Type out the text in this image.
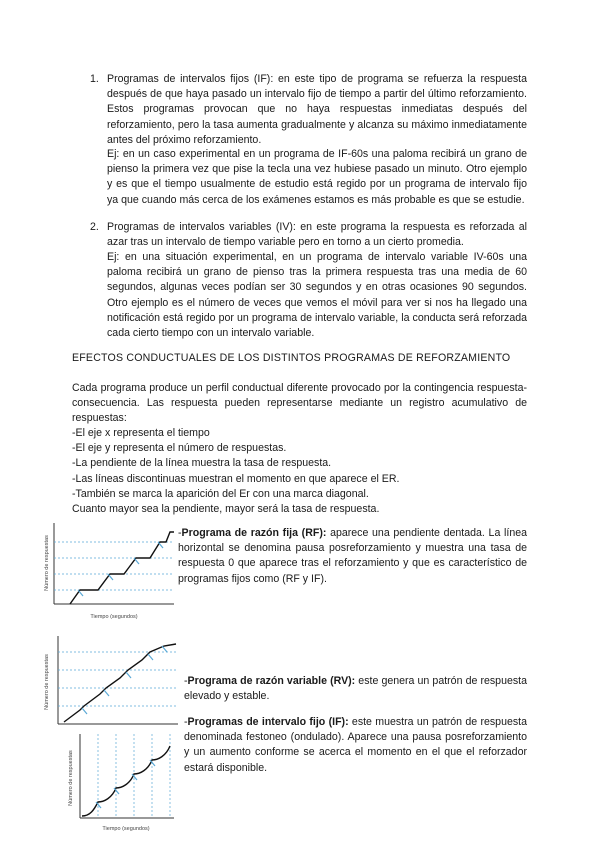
1. Programas de intervalos fijos (IF): en este tipo de programa se refuerza la respuesta después de que haya pasado un intervalo fijo de tiempo a partir del último reforzamiento. Estos programas provocan que no haya respuestas inmediatas después del reforzamiento, pero la tasa aumenta gradualmente y alcanza su máximo inmediatamente antes del próximo reforzamiento.
Ej: en un caso experimental en un programa de IF-60s una paloma recibirá un grano de pienso la primera vez que pise la tecla una vez hubiese pasado un minuto. Otro ejemplo y es que el tiempo usualmente de estudio está regido por un programa de intervalo fijo ya que cuando más cerca de los exámenes estamos es más probable es que se estudie.
2. Programas de intervalos variables (IV): en este programa la respuesta es reforzada al azar tras un intervalo de tiempo variable pero en torno a un cierto promedia.
Ej: en una situación experimental, en un programa de intervalo variable IV-60s una paloma recibirá un grano de pienso tras la primera respuesta tras una media de 60 segundos, algunas veces podían ser 30 segundos y en otras ocasiones 90 segundos. Otro ejemplo es el número de veces que vemos el móvil para ver si nos ha llegado una notificación está regido por un programa de intervalo variable, la conducta será reforzada cada cierto tiempo con un intervalo variable.
EFECTOS CONDUCTUALES DE LOS DISTINTOS PROGRAMAS DE REFORZAMIENTO
Cada programa produce un perfil conductual diferente provocado por la contingencia respuesta-consecuencia. Las respuesta pueden representarse mediante un registro acumulativo de respuestas:
-El eje x representa el tiempo
-El eje y representa el número de respuestas.
-La pendiente de la línea muestra la tasa de respuesta.
-Las líneas discontinuas muestran el momento en que aparece el ER.
-También se marca la aparición del Er con una marca diagonal.
Cuanto mayor sea la pendiente, mayor será la tasa de respuesta.
-Programa de razón fija (RF): aparece una pendiente dentada. La línea horizontal se denomina pausa posreforzamiento y muestra una tasa de respuesta 0 que aparece tras el reforzamiento y que es característico de programas fijos como (RF y IF).
-Programa de razón variable (RV): este genera un patrón de respuesta elevado y estable.
-Programas de intervalo fijo (IF): este muestra un patrón de respuesta denominada festoneo (ondulado). Aparece una pausa posreforzamiento y un aumento conforme se acerca el momento en el que el reforzador estará disponible.
Número de respuestas
Tiempo (segundos)
Número de respuestas
Número de respuestas
Tiempo (segundos)
